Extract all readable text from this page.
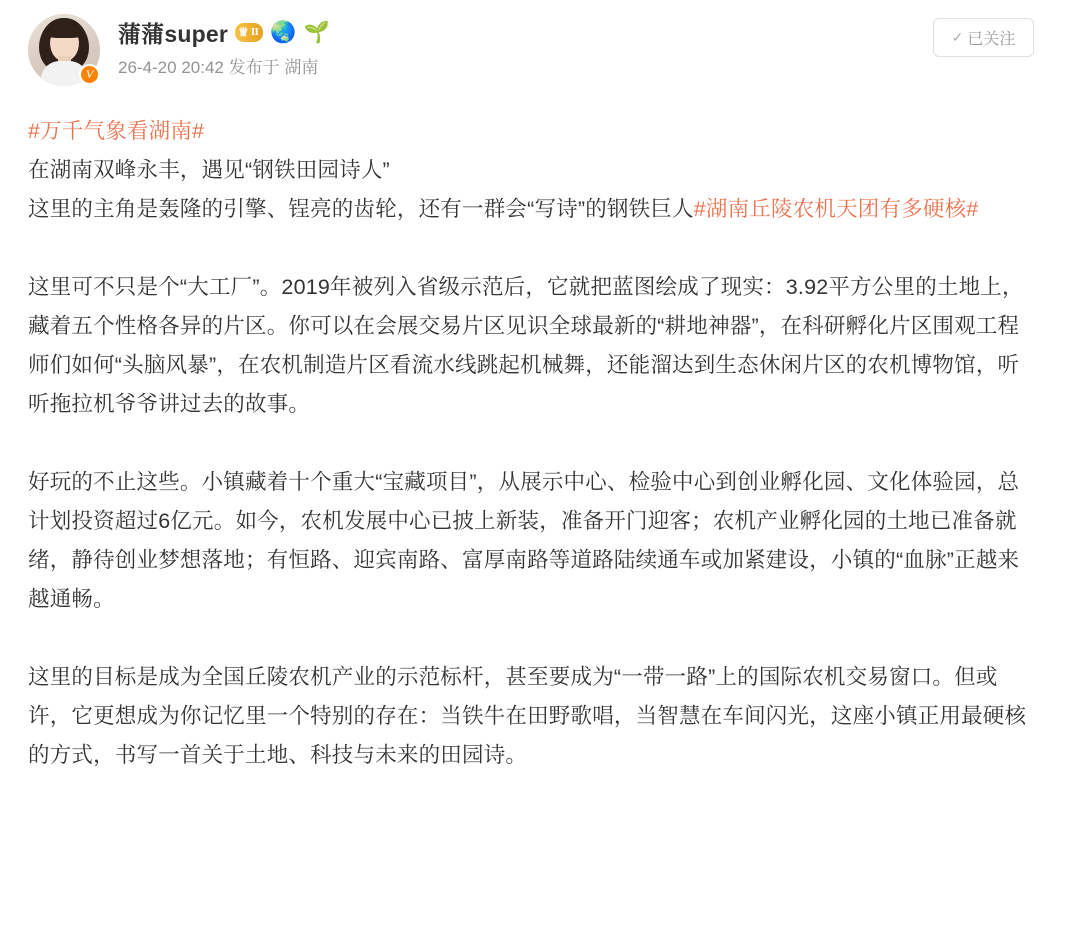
V
蒲蒲super ♕ II 🌏 🌱
26-4-20 20:42 发布于 湖南
✓ 已关注

#万千气象看湖南#

在湖南双峰永丰，遇见“钢铁田园诗人”

这里的主角是轰隆的引擎、锃亮的齿轮，还有一群会“写诗”的钢铁巨人#湖南丘陵农机天团有多硬核#

这里可不只是个“大工厂”。2019年被列入省级示范后，它就把蓝图绘成了现实：3.92平方公里的土地上，藏着五个性格各异的片区。你可以在会展交易片区见识全球最新的“耕地神器”，在科研孵化片区围观工程师们如何“头脑风暴”，在农机制造片区看流水线跳起机械舞，还能溜达到生态休闲片区的农机博物馆，听听拖拉机爷爷讲过去的故事。

好玩的不止这些。小镇藏着十个重大“宝藏项目”，从展示中心、检验中心到创业孵化园、文化体验园，总计划投资超过6亿元。如今，农机发展中心已披上新装，准备开门迎客；农机产业孵化园的土地已准备就绪，静待创业梦想落地；有恒路、迎宾南路、富厚南路等道路陆续通车或加紧建设，小镇的“血脉”正越来越通畅。

这里的目标是成为全国丘陵农机产业的示范标杆，甚至要成为“一带一路”上的国际农机交易窗口。但或许，它更想成为你记忆里一个特别的存在：当铁牛在田野歌唱，当智慧在车间闪光，这座小镇正用最硬核的方式，书写一首关于土地、科技与未来的田园诗。
